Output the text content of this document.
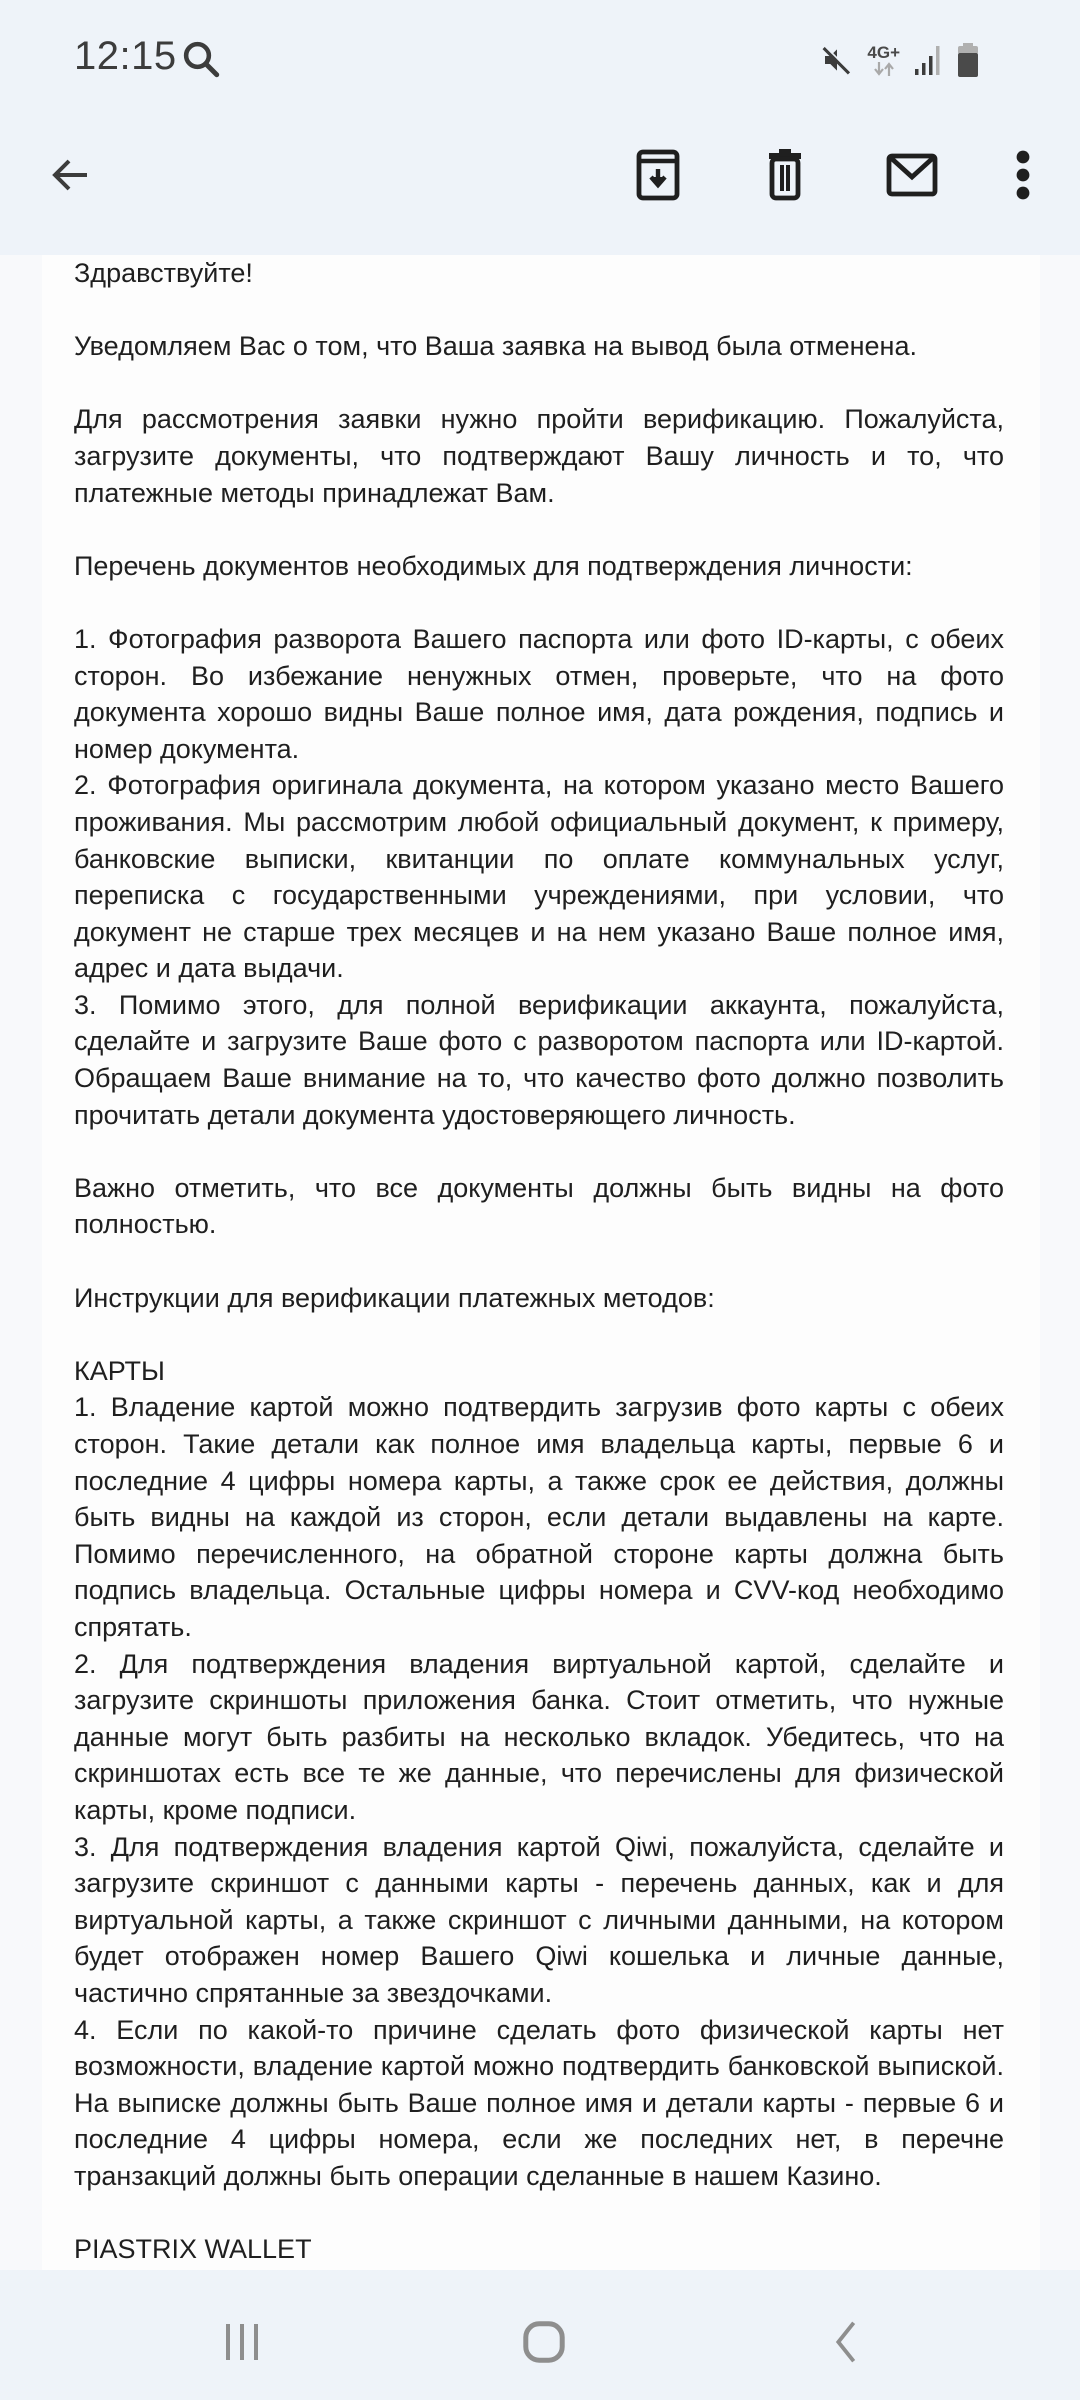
12:15	4G+

Здравствуйте!

Уведомляем Вас о том, что Ваша заявка на вывод была отменена.

Для рассмотрения заявки нужно пройти верификацию. Пожалуйста, загрузите документы, что подтверждают Вашу личность и то, что платежные методы принадлежат Вам.

Перечень документов необходимых для подтверждения личности:

1. Фотография разворота Вашего паспорта или фото ID-карты, с обеих сторон. Во избежание ненужных отмен, проверьте, что на фото документа хорошо видны Ваше полное имя, дата рождения, подпись и номер документа.

2. Фотография оригинала документа, на котором указано место Вашего проживания. Мы рассмотрим любой официальный документ, к примеру, банковские выписки, квитанции по оплате коммунальных услуг, переписка с государственными учреждениями, при условии, что документ не старше трех месяцев и на нем указано Ваше полное имя, адрес и дата выдачи.

3. Помимо этого, для полной верификации аккаунта, пожалуйста, сделайте и загрузите Ваше фото с разворотом паспорта или ID-картой. Обращаем Ваше внимание на то, что качество фото должно позволить прочитать детали документа удостоверяющего личность.

Важно отметить, что все документы должны быть видны на фото полностью.

Инструкции для верификации платежных методов:

КАРТЫ

1. Владение картой можно подтвердить загрузив фото карты с обеих сторон. Такие детали как полное имя владельца карты, первые 6 и последние 4 цифры номера карты, а также срок ее действия, должны быть видны на каждой из сторон, если детали выдавлены на карте. Помимо перечисленного, на обратной стороне карты должна быть подпись владельца. Остальные цифры номера и CVV-код необходимо спрятать.

2. Для подтверждения владения виртуальной картой, сделайте и загрузите скриншоты приложения банка. Стоит отметить, что нужные данные могут быть разбиты на несколько вкладок. Убедитесь, что на скриншотах есть все те же данные, что перечислены для физической карты, кроме подписи.

3. Для подтверждения владения картой Qiwi, пожалуйста, сделайте и загрузите скриншот с данными карты - перечень данных, как и для виртуальной карты, а также скриншот с личными данными, на котором будет отображен номер Вашего Qiwi кошелька и личные данные, частично спрятанные за звездочками.

4. Если по какой-то причине сделать фото физической карты нет возможности, владение картой можно подтвердить банковской выпиской. На выписке должны быть Ваше полное имя и детали карты - первые 6 и последние 4 цифры номера, если же последних нет, в перечне транзакций должны быть операции сделанные в нашем Казино.

PIASTRIX WALLET
